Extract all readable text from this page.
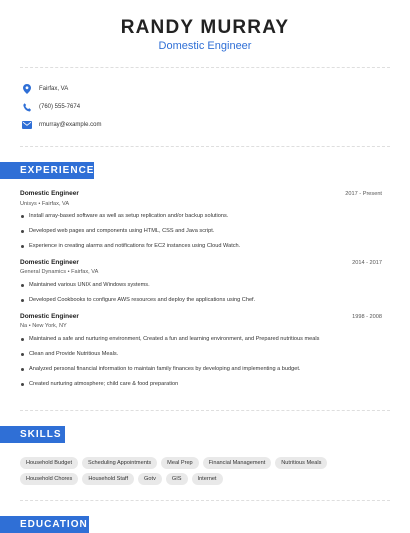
RANDY MURRAY
Domestic Engineer
Fairfax, VA
(760) 555-7674
rmurray@example.com
EXPERIENCE
Domestic Engineer	2017 - Present
Unisys • Fairfax, VA
Install array-based software as well as setup replication and/or backup solutions.
Developed web pages and components using HTML, CSS and Java script.
Experience in creating alarms and notifications for EC2 instances using Cloud Watch.
Domestic Engineer	2014 - 2017
General Dynamics • Fairfax, VA
Maintained various UNIX and Windows systems.
Developed Cookbooks to configure AWS resources and deploy the applications using Chef.
Domestic Engineer	1998 - 2008
Na • New York, NY
Maintained a safe and nurturing environment, Created a fun and learning environment, and Prepared nutritious meals
Clean and Provide Nutritious Meals.
Analyzed personal financial information to maintain family finances by developing and implementing a budget.
Created nurturing atmosphere; child care & food preparation
SKILLS
Household Budget	Scheduling Appointments	Meal Prep	Financial Management	Nutritious Meals
Household Chores	Household Staff	Gotv	GIS	Internet
EDUCATION
